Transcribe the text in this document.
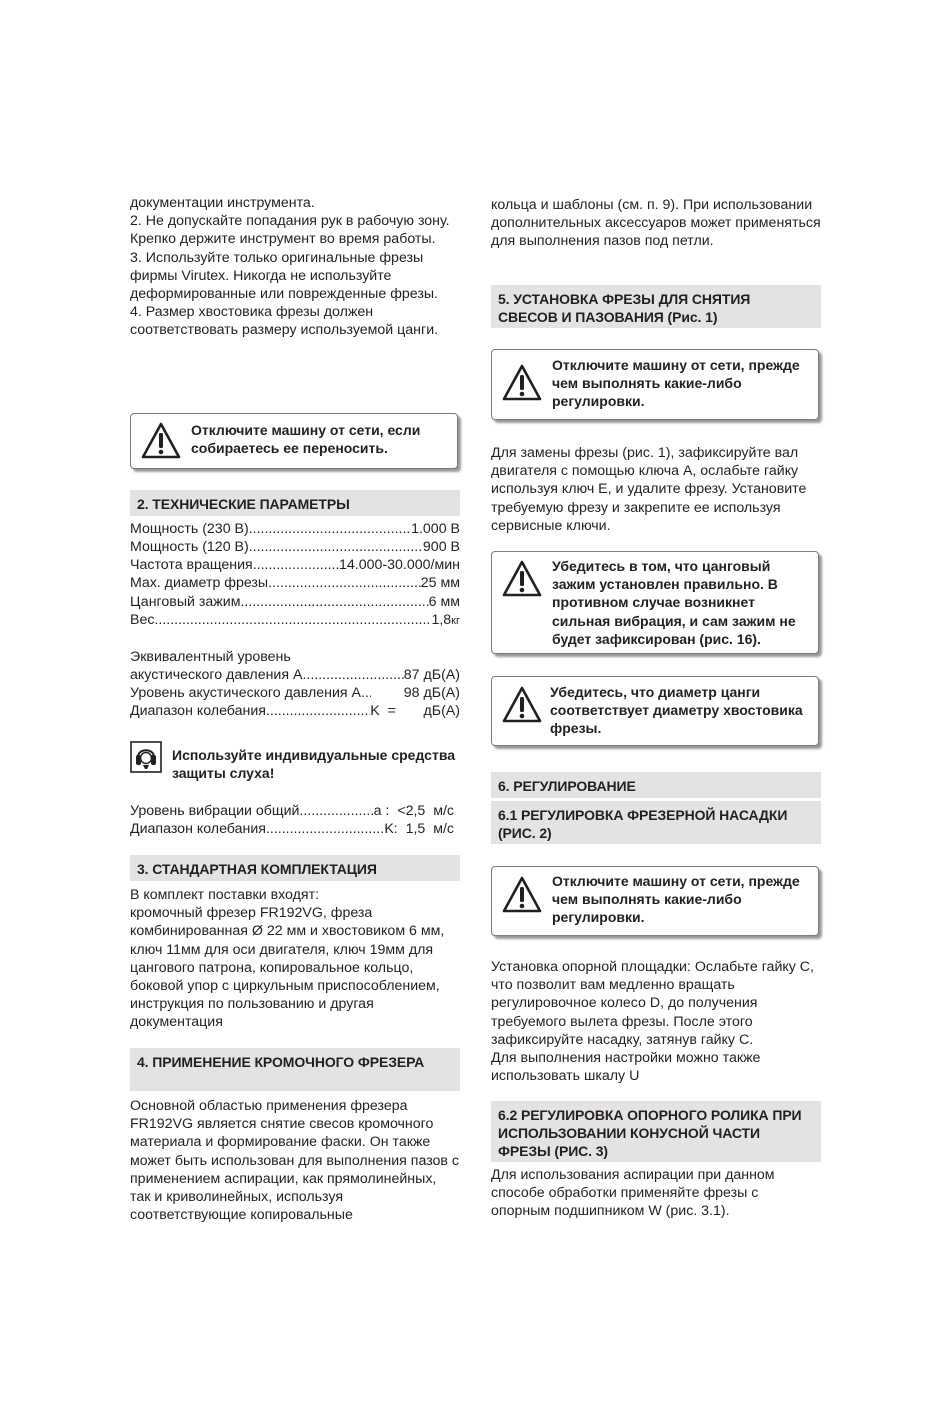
документации инструмента.
2. Не допускайте попадания рук в рабочую зону. Крепко держите инструмент во время работы.
3. Используйте только оригинальные фрезы фирмы Virutex. Никогда не используйте деформированные или поврежденные фрезы.
4. Размер хвостовика фрезы должен соответствовать размеру используемой цанги.
Отключите машину от сети, если собираетесь ее переносить.
2. ТЕХНИЧЕСКИЕ ПАРАМЕТРЫ
Мощность (230 В) .....	1.000 В
Мощность (120 В) .....	900 В
Частота вращения .....	14.000-30.000/мин
Max. диаметр фрезы .....	25 мм
Цанговый зажим .....	6 мм
Вес .....	1,8 кг
Эквивалентный уровень
акустического давления A .....	87 дБ(A)
Уровень акустического давления A .....	98 дБ(A)
Диапазон колебания .....	K  =       дБ(A)
Используйте индивидуальные средства защиты слуха!
Уровень вибрации общий .....	a :  <2,5  м/с
Диапазон колебания .....	K:  1,5  м/с
3. СТАНДАРТНАЯ КОМПЛЕКТАЦИЯ
В комплект поставки входят:
кромочный фрезер FR192VG, фреза комбинированная Ø 22 мм и хвостовиком 6 мм, ключ 11мм для оси двигателя, ключ 19мм для цангового патрона, копировальное кольцо, боковой упор с циркульным приспособлением, инструкция по пользованию и другая документация
4. ПРИМЕНЕНИЕ КРОМОЧНОГО ФРЕЗЕРА
Основной областью применения фрезера FR192VG является снятие свесов кромочного материала и формирование фаски. Он также может быть использован для выполнения пазов с применением аспирации, как прямолинейных, так и криволинейных, используя соответствующие копировальные
кольца и шаблоны (см. п. 9). При использовании дополнительных аксессуаров может применяться для выполнения пазов под петли.
5. УСТАНОВКА ФРЕЗЫ ДЛЯ СНЯТИЯ СВЕСОВ И ПАЗОВАНИЯ (Рис. 1)
Отключите машину от сети, прежде чем выполнять какие-либо регулировки.
Для замены фрезы (рис. 1), зафиксируйте вал двигателя с помощью ключа A, ослабьте гайку используя ключ E, и удалите фрезу. Установите требуемую фрезу и закрепите ее используя сервисные ключи.
Убедитесь в том, что цанговый зажим установлен правильно. В противном случае возникнет сильная вибрация, и сам зажим не будет зафиксирован (рис. 16).
Убедитесь, что диаметр цанги соответствует диаметру хвостовика фрезы.
6. РЕГУЛИРОВАНИЕ
6.1 РЕГУЛИРОВКА ФРЕЗЕРНОЙ НАСАДКИ (РИС. 2)
Отключите машину от сети, прежде чем выполнять какие-либо регулировки.
Установка опорной площадки: Ослабьте гайку C, что позволит вам медленно вращать регулировочное колесо D, до получения требуемого вылета фрезы. После этого зафиксируйте насадку, затянув гайку C.
Для выполнения настройки можно также использовать шкалу U
6.2 РЕГУЛИРОВКА ОПОРНОГО РОЛИКА ПРИ ИСПОЛЬЗОВАНИИ КОНУСНОЙ ЧАСТИ ФРЕЗЫ (РИС. 3)
Для использования аспирации при данном способе обработки применяйте фрезы с опорным подшипником W (рис. 3.1).
